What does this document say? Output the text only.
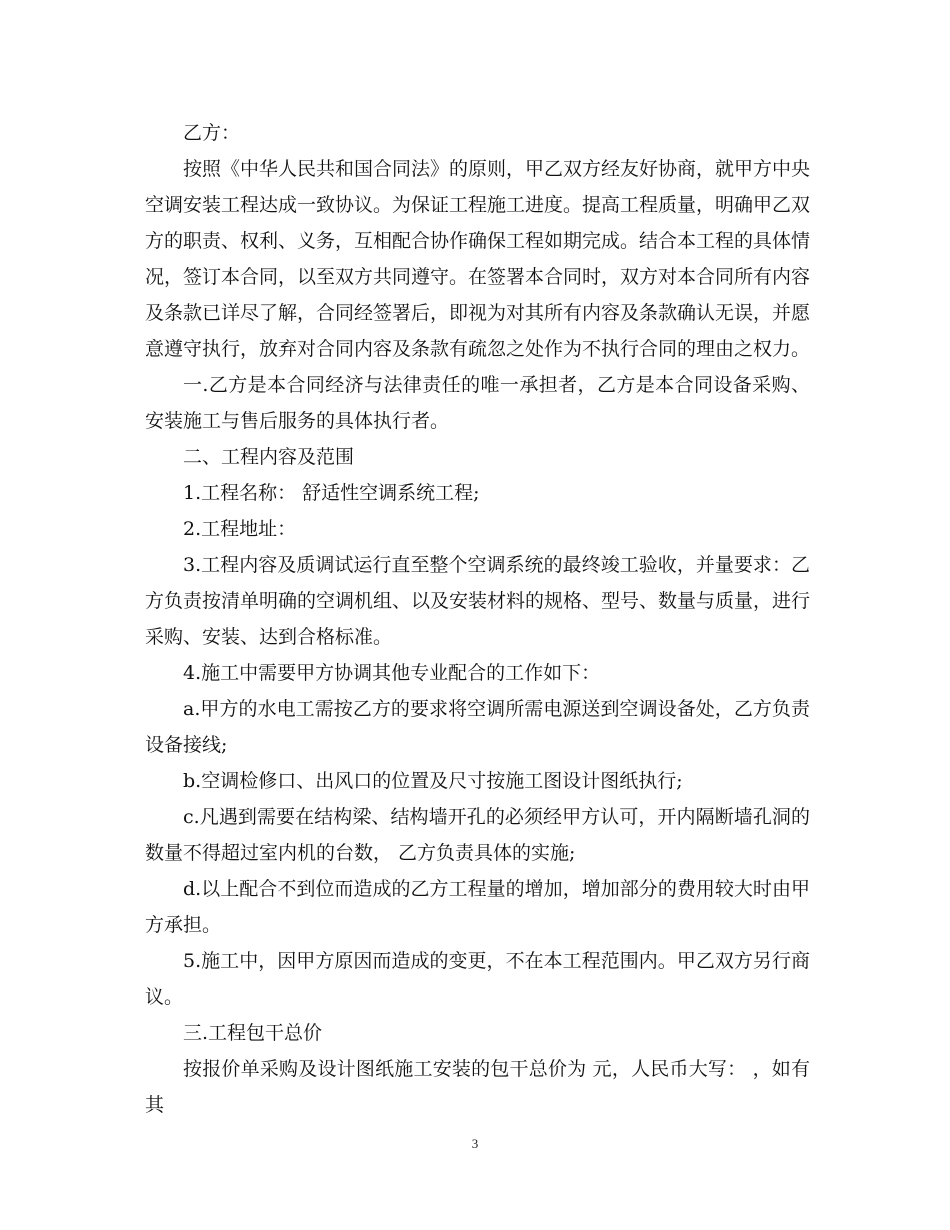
乙方：

按照《中华人民共和国合同法》的原则，甲乙双方经友好协商，就甲方中央空调安装工程达成一致协议。为保证工程施工进度。提高工程质量，明确甲乙双方的职责、权利、义务，互相配合协作确保工程如期完成。结合本工程的具体情况，签订本合同，以至双方共同遵守。在签署本合同时，双方对本合同所有内容及条款已详尽了解，合同经签署后，即视为对其所有内容及条款确认无误，并愿意遵守执行，放弃对合同内容及条款有疏忽之处作为不执行合同的理由之权力。

一.乙方是本合同经济与法律责任的唯一承担者，乙方是本合同设备采购、安装施工与售后服务的具体执行者。

二、工程内容及范围

1.工程名称： 舒适性空调系统工程;

2.工程地址：

3.工程内容及质调试运行直至整个空调系统的最终竣工验收，并量要求：乙方负责按清单明确的空调机组、以及安装材料的规格、型号、数量与质量，进行采购、安装、达到合格标准。

4.施工中需要甲方协调其他专业配合的工作如下：

a.甲方的水电工需按乙方的要求将空调所需电源送到空调设备处，乙方负责设备接线;

b.空调检修口、出风口的位置及尺寸按施工图设计图纸执行;

c.凡遇到需要在结构梁、结构墙开孔的必须经甲方认可，开内隔断墙孔洞的数量不得超过室内机的台数， 乙方负责具体的实施;

d.以上配合不到位而造成的乙方工程量的增加，增加部分的费用较大时由甲方承担。

5.施工中，因甲方原因而造成的变更，不在本工程范围内。甲乙双方另行商议。

三.工程包干总价

按报价单采购及设计图纸施工安装的包干总价为 元，人民币大写： ，如有其

3
